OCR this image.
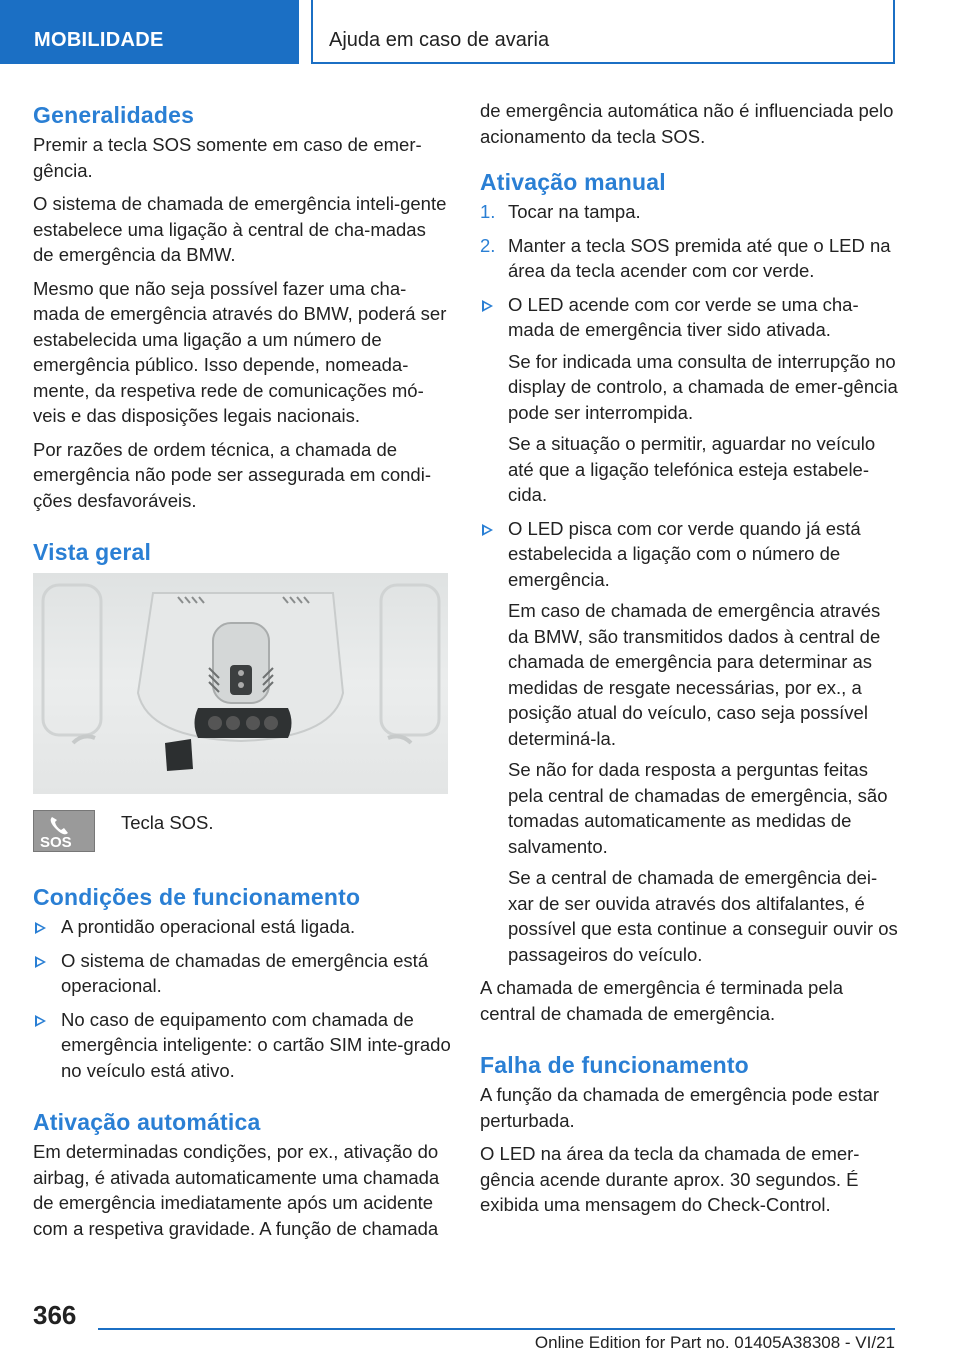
MOBILIDADE	Ajuda em caso de avaria
Generalidades

Premir a tecla SOS somente em caso de emer-gência.

O sistema de chamada de emergência inteli-gente estabelece uma ligação à central de cha-madas de emergência da BMW.

Mesmo que não seja possível fazer uma cha-mada de emergência através do BMW, poderá ser estabelecida uma ligação a um número de emergência público. Isso depende, nomeada-mente, da respetiva rede de comunicações mó-veis e das disposições legais nacionais.

Por razões de ordem técnica, a chamada de emergência não pode ser assegurada em condi-ções desfavoráveis.

Vista geral
SOS
Tecla SOS.
Condições de funcionamento
A prontidão operacional está ligada.
O sistema de chamadas de emergência está operacional.
No caso de equipamento com chamada de emergência inteligente: o cartão SIM inte-grado no veículo está ativo.
Ativação automática

Em determinadas condições, por ex., ativação do airbag, é ativada automaticamente uma chamada de emergência imediatamente após um acidente com a respetiva gravidade. A função de chamada

de emergência automática não é influenciada pelo acionamento da tecla SOS.

Ativação manual
1. Tocar na tampa.
2. Manter a tecla SOS premida até que o LED na área da tecla acender com cor verde.
O LED acende com cor verde se uma cha-mada de emergência tiver sido ativada.
Se for indicada uma consulta de interrupção no display de controlo, a chamada de emer-gência pode ser interrompida.
Se a situação o permitir, aguardar no veículo até que a ligação telefónica esteja estabele-cida.
O LED pisca com cor verde quando já está estabelecida a ligação com o número de emergência.
Em caso de chamada de emergência através da BMW, são transmitidos dados à central de chamada de emergência para determinar as medidas de resgate necessárias, por ex., a posição atual do veículo, caso seja possível determiná-la.
Se não for dada resposta a perguntas feitas pela central de chamadas de emergência, são tomadas automaticamente as medidas de salvamento.
Se a central de chamada de emergência dei-xar de ser ouvida através dos altifalantes, é possível que esta continue a conseguir ouvir os passageiros do veículo.

A chamada de emergência é terminada pela central de chamada de emergência.

Falha de funcionamento

A função da chamada de emergência pode estar perturbada.

O LED na área da tecla da chamada de emer-gência acende durante aprox. 30 segundos. É exibida uma mensagem do Check-Control.

366
Online Edition for Part no. 01405A38308 - VI/21
